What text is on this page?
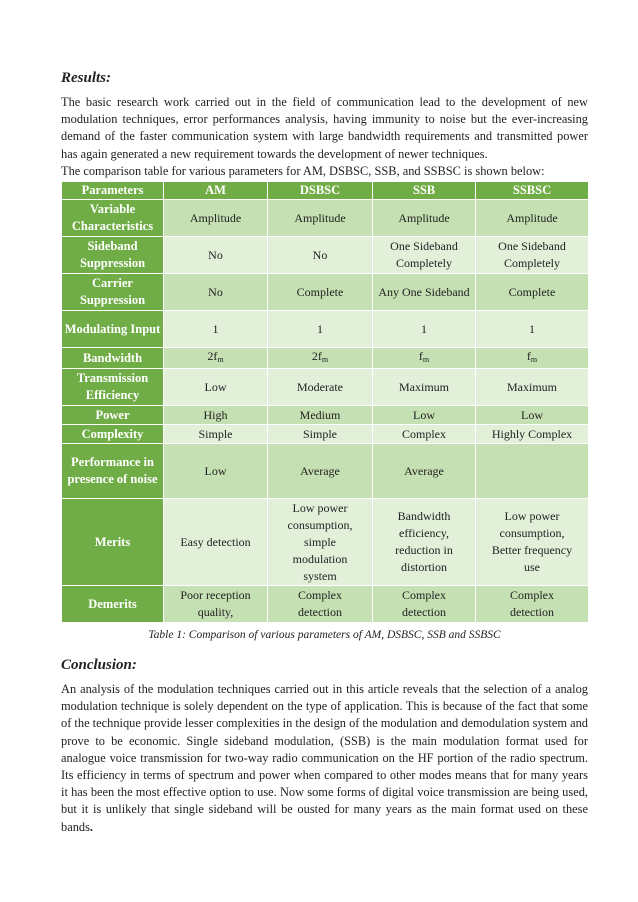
Results:

The basic research work carried out in the field of communication lead to the development of new modulation techniques, error performances analysis, having immunity to noise but the ever-increasing demand of the faster communication system with large bandwidth requirements and transmitted power has again generated a new requirement towards the development of newer techniques.

The comparison table for various parameters for AM, DSBSC, SSB, and SSBSC is shown below:

Parameters	AM	DSBSC	SSB	SSBSC
Variable Characteristics	Amplitude	Amplitude	Amplitude	Amplitude
Sideband Suppression	No	No	One Sideband Completely	One Sideband Completely
Carrier Suppression	No	Complete	Any One Sideband	Complete
Modulating Input	1	1	1	1
Bandwidth	$2f_m$	$2f_m$	$f_m$	$f_m$
Transmission Efficiency	Low	Moderate	Maximum	Maximum
Power	High	Medium	Low	Low
Complexity	Simple	Simple	Complex	Highly Complex
Performance in presence of noise	Low	Average	Average	
Merits	Easy detection	Low power consumption, simple modulation system	Bandwidth efficiency, reduction in distortion	Low power consumption, Better frequency use
Demerits	Poor reception quality,	Complex detection	Complex detection	Complex detection

Table 1: Comparison of various parameters of AM, DSBSC, SSB and SSBSC

Conclusion:

An analysis of the modulation techniques carried out in this article reveals that the selection of a analog modulation technique is solely dependent on the type of application. This is because of the fact that some of the technique provide lesser complexities in the design of the modulation and demodulation system and prove to be economic. Single sideband modulation, (SSB) is the main modulation format used for analogue voice transmission for two-way radio communication on the HF portion of the radio spectrum. Its efficiency in terms of spectrum and power when compared to other modes means that for many years it has been the most effective option to use. Now some forms of digital voice transmission are being used, but it is unlikely that single sideband will be ousted for many years as the main format used on these bands.
